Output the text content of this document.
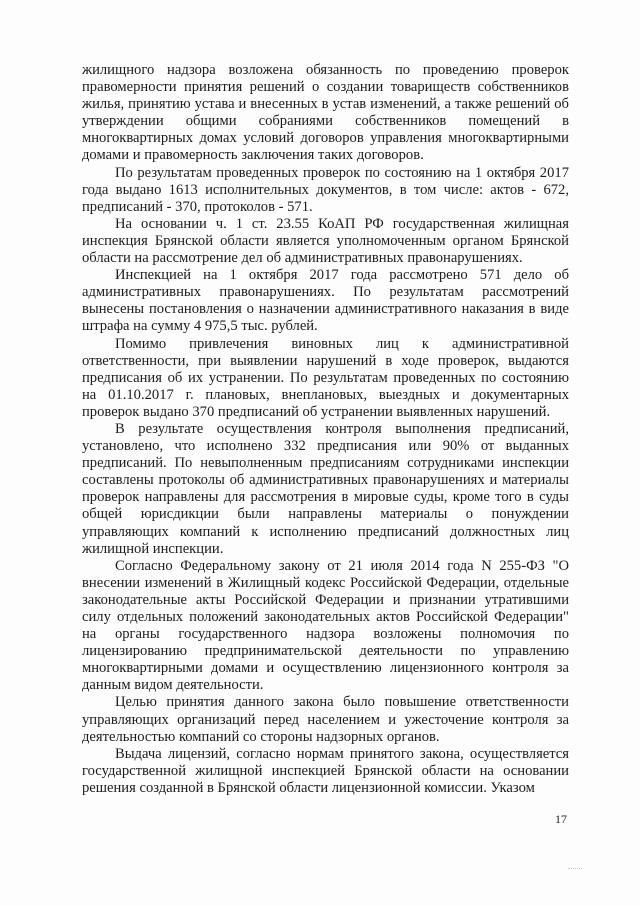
жилищного надзора возложена обязанность по проведению проверок правомерности принятия решений о создании товариществ собственников жилья, принятию устава и внесенных в устав изменений, а также решений об утверждении общими собраниями собственников помещений в многоквартирных домах условий договоров управления многоквартирными домами и правомерность заключения таких договоров.

По результатам проведенных проверок по состоянию на 1 октября 2017 года выдано 1613 исполнительных документов, в том числе: актов - 672, предписаний - 370, протоколов - 571.

На основании ч. 1 ст. 23.55 КоАП РФ государственная жилищная инспекция Брянской области является уполномоченным органом Брянской области на рассмотрение дел об административных правонарушениях.

Инспекцией на 1 октября 2017 года рассмотрено 571 дело об административных правонарушениях. По результатам рассмотрений вынесены постановления о назначении административного наказания в виде штрафа на сумму 4 975,5 тыс. рублей.

Помимо привлечения виновных лиц к административной ответственности, при выявлении нарушений в ходе проверок, выдаются предписания об их устранении. По результатам проведенных по состоянию на 01.10.2017 г. плановых, внеплановых, выездных и документарных проверок выдано 370 предписаний об устранении выявленных нарушений.

В результате осуществления контроля выполнения предписаний, установлено, что исполнено 332 предписания или 90% от выданных предписаний. По невыполненным предписаниям сотрудниками инспекции составлены протоколы об административных правонарушениях и материалы проверок направлены для рассмотрения в мировые суды, кроме того в суды общей юрисдикции были направлены материалы о понуждении управляющих компаний к исполнению предписаний должностных лиц жилищной инспекции.

Согласно Федеральному закону от 21 июля 2014 года N 255-ФЗ "О внесении изменений в Жилищный кодекс Российской Федерации, отдельные законодательные акты Российской Федерации и признании утратившими силу отдельных положений законодательных актов Российской Федерации" на органы государственного надзора возложены полномочия по лицензированию предпринимательской деятельности по управлению многоквартирными домами и осуществлению лицензионного контроля за данным видом деятельности.

Целью принятия данного закона было повышение ответственности управляющих организаций перед населением и ужесточение контроля за деятельностью компаний со стороны надзорных органов.

Выдача лицензий, согласно нормам принятого закона, осуществляется государственной жилищной инспекцией Брянской области на основании решения созданной в Брянской области лицензионной комиссии. Указом

17
